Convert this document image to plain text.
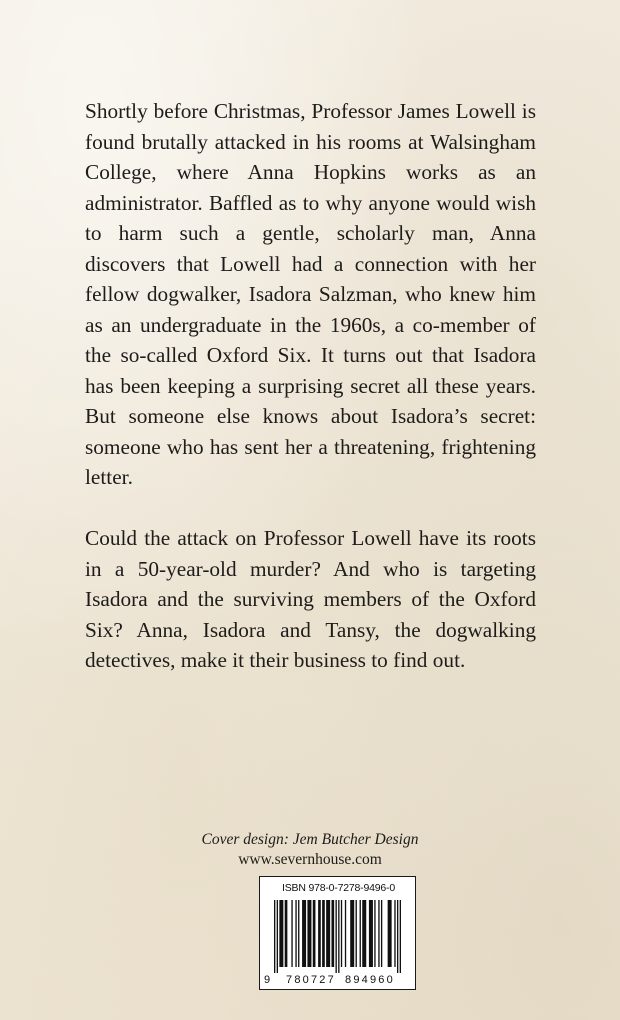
Shortly before Christmas, Professor James Lowell is found brutally attacked in his rooms at Walsingham College, where Anna Hopkins works as an administrator. Baffled as to why anyone would wish to harm such a gentle, scholarly man, Anna discovers that Lowell had a connection with her fellow dogwalker, Isadora Salzman, who knew him as an undergraduate in the 1960s, a co-member of the so-called Oxford Six. It turns out that Isadora has been keeping a surprising secret all these years. But someone else knows about Isadora’s secret: someone who has sent her a threatening, frightening letter.

Could the attack on Professor Lowell have its roots in a 50-year-old murder? And who is targeting Isadora and the surviving members of the Oxford Six? Anna, Isadora and Tansy, the dogwalking detectives, make it their business to find out.

Cover design: Jem Butcher Design
www.severnhouse.com
ISBN 978-0-7278-9496-0
9 780727 894960
